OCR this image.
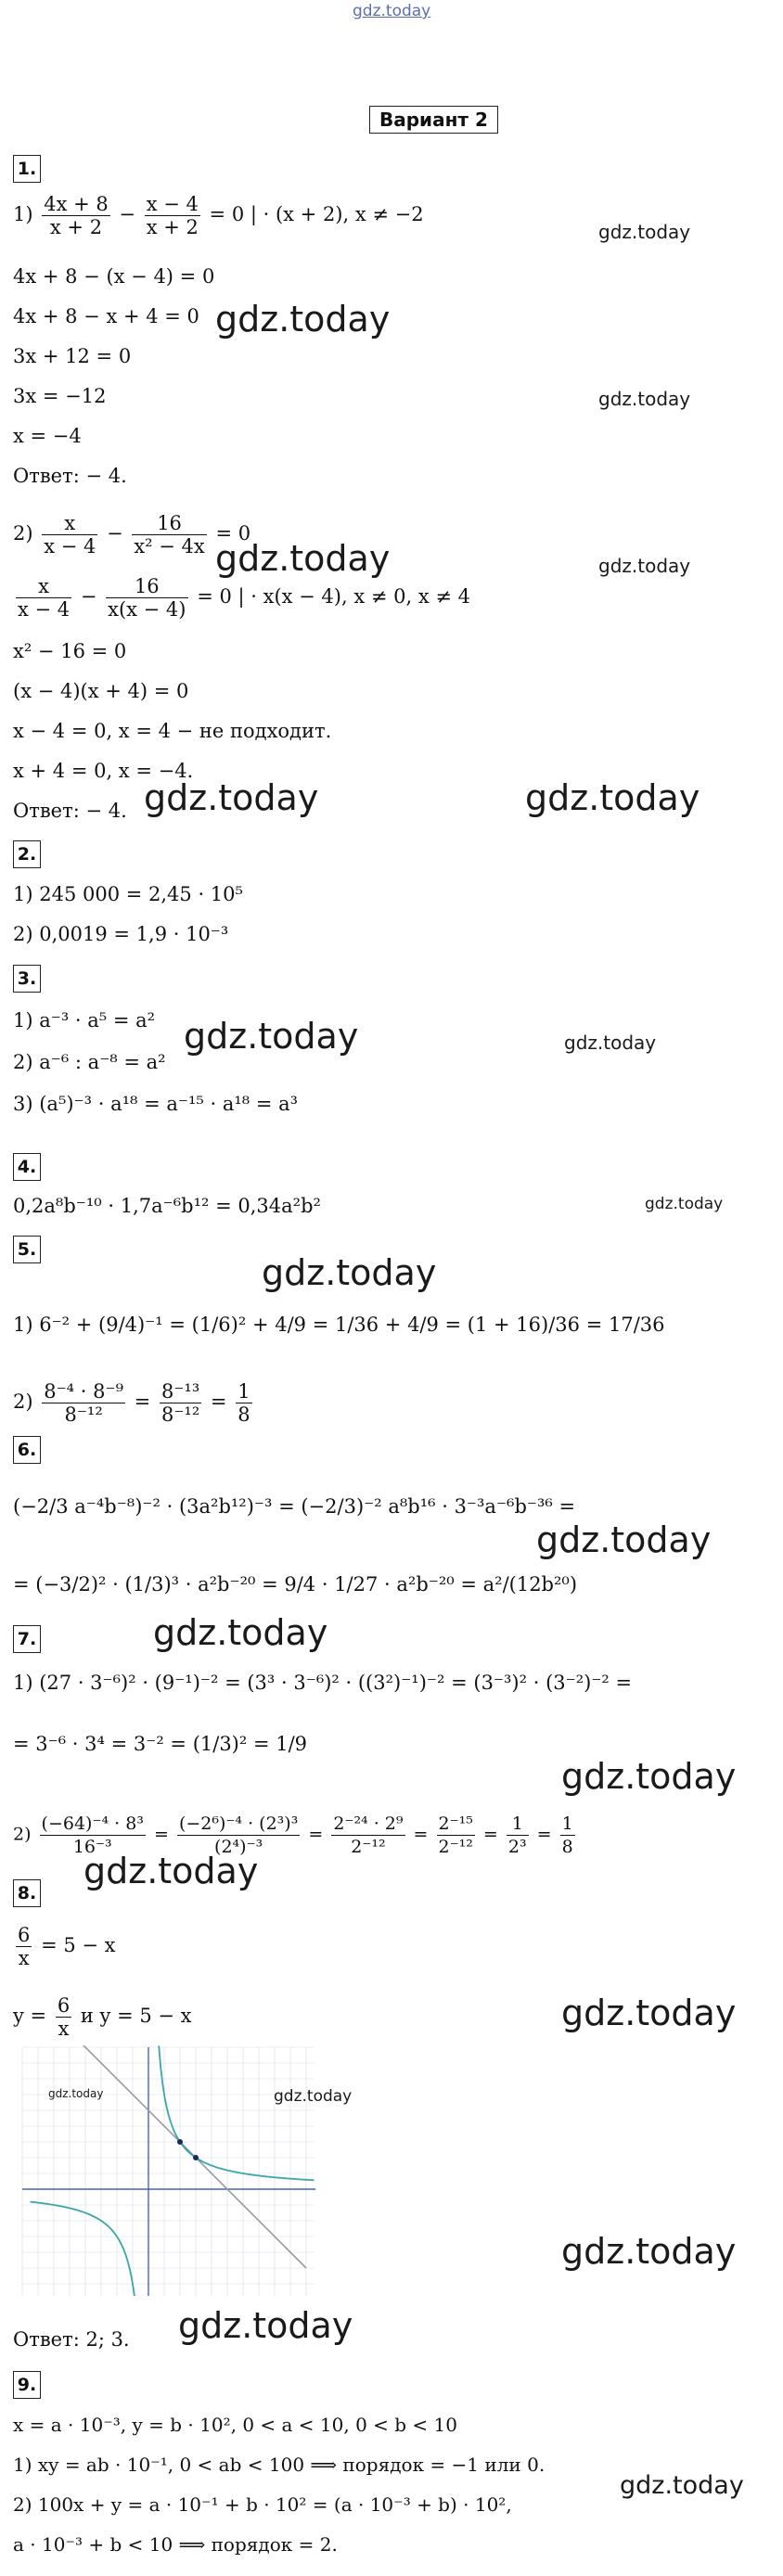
gdz.today
Вариант 2
1.
$1) \frac{4x + 8}{x + 2} - \frac{x - 4}{x + 2} = 0$ | · (x + 2), x ≠ −2
4x + 8 − (x − 4) = 0
4x + 8 − x + 4 = 0
3x + 12 = 0
3x = −12
x = −4
Ответ: − 4.
$2) \frac{x}{x - 4} - \frac{16}{\text{x² − 4x}} = 0$
$\frac{x}{x - 4} - \frac{16}{x(x - 4)} = 0$ | · x(x − 4), x ≠ 0, x ≠ 4
x² − 16 = 0
(x − 4)(x + 4) = 0
x − 4 = 0, x = 4 − не подходит.
x + 4 = 0, x = −4.
Ответ: − 4.
2.
1) 245 000 = 2,45 · 10⁵
2) 0,0019 = 1,9 · 10⁻³
3.
1) a⁻³ · a⁵ = a²
2) a⁻⁶ : a⁻⁸ = a²
3) (a⁵)⁻³ · a¹⁸ = a⁻¹⁵ · a¹⁸ = a³
4.
0,2a⁸b⁻¹⁰ · 1,7a⁻⁶b¹² = 0,34a²b²
5.
1) 6⁻² + (9/4)⁻¹ = (1/6)² + 4/9 = 1/36 + 4/9 = (1 + 16)/36 = 17/36
$2) \frac{\text{8⁻⁴ · 8⁻⁹}}{\text{8⁻¹²}} = \frac{\text{8⁻¹³}}{\text{8⁻¹²}} = \frac{1}{8}$
6.
(−2/3 a⁻⁴b⁻⁸)⁻² · (3a²b¹²)⁻³ = (−2/3)⁻² a⁸b¹⁶ · 3⁻³a⁻⁶b⁻³⁶ =
= (−3/2)² · (1/3)³ · a²b⁻²⁰ = 9/4 · 1/27 · a²b⁻²⁰ = a²/(12b²⁰)
7.
1) (27 · 3⁻⁶)² · (9⁻¹)⁻² = (3³ · 3⁻⁶)² · ((3²)⁻¹)⁻² = (3⁻³)² · (3⁻²)⁻² =
= 3⁻⁶ · 3⁴ = 3⁻² = (1/3)² = 1/9
$2) \frac{\text{(−64)⁻⁴ · 8³}}{\text{16⁻³}} = \frac{\text{(−2⁶)⁻⁴ · (2³)³}}{\text{(2⁴)⁻³}} = \frac{\text{2⁻²⁴ · 2⁹}}{\text{2⁻¹²}} = \frac{\text{2⁻¹⁵}}{\text{2⁻¹²}} = \frac{1}{\text{2³}} = \frac{1}{8}$
8.
$\frac{6}{x} = 5 - x$
$y = \frac{6}{x}$ и y = 5 − x
Ответ: 2; 3.
9.
x = a · 10⁻³, y = b · 10², 0 < a < 10, 0 < b < 10
1) xy = ab · 10⁻¹, 0 < ab < 100 ⟹ порядок = −1 или 0.
2) 100x + y = a · 10⁻¹ + b · 10² = (a · 10⁻³ + b) · 10²,
a · 10⁻³ + b < 10 ⟹ порядок = 2.
gdz.today
gdz.today
gdz.today
gdz.today	gdz.today
gdz.today	gdz.today
gdz.today	gdz.today
gdz.today
gdz.today
gdz.today
gdz.today
gdz.today
gdz.today
gdz.today
gdz.today
gdz.today
gdz.today
gdz.today
gdz.today
